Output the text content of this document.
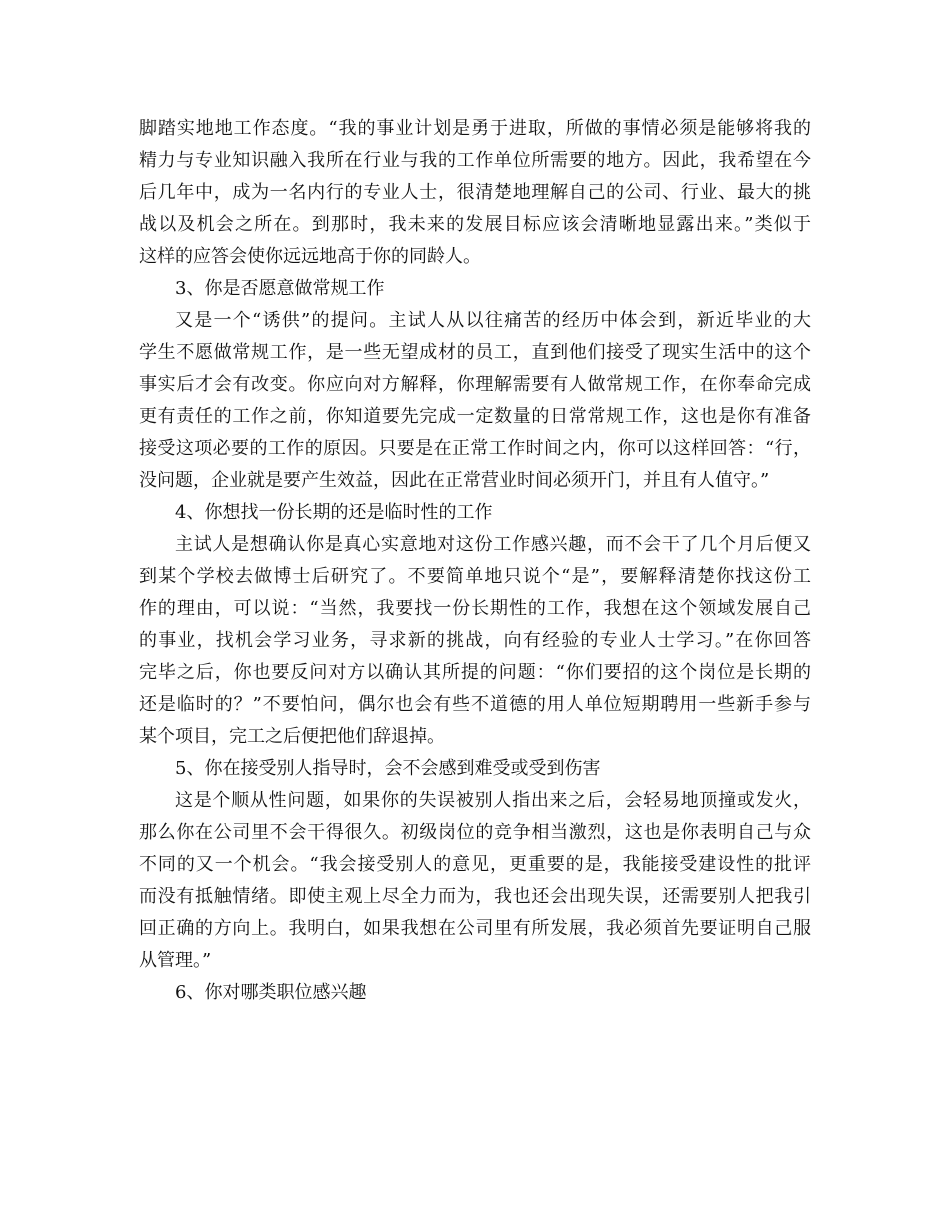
脚踏实地地工作态度。“我的事业计划是勇于进取，所做的事情必须是能够将我的
精力与专业知识融入我所在行业与我的工作单位所需要的地方。因此，我希望在今
后几年中，成为一名内行的专业人士，很清楚地理解自己的公司、行业、最大的挑
战以及机会之所在。到那时，我未来的发展目标应该会清晰地显露出来。”类似于
这样的应答会使你远远地高于你的同龄人。
3、你是否愿意做常规工作
又是一个“诱供”的提问。主试人从以往痛苦的经历中体会到，新近毕业的大
学生不愿做常规工作，是一些无望成材的员工，直到他们接受了现实生活中的这个
事实后才会有改变。你应向对方解释，你理解需要有人做常规工作，在你奉命完成
更有责任的工作之前，你知道要先完成一定数量的日常常规工作，这也是你有准备
接受这项必要的工作的原因。只要是在正常工作时间之内，你可以这样回答：“行，
没问题，企业就是要产生效益，因此在正常营业时间必须开门，并且有人值守。”
4、你想找一份长期的还是临时性的工作
主试人是想确认你是真心实意地对这份工作感兴趣，而不会干了几个月后便又
到某个学校去做博士后研究了。不要简单地只说个“是”，要解释清楚你找这份工
作的理由，可以说：“当然，我要找一份长期性的工作，我想在这个领域发展自己
的事业，找机会学习业务，寻求新的挑战，向有经验的专业人士学习。”在你回答
完毕之后，你也要反问对方以确认其所提的问题：“你们要招的这个岗位是长期的
还是临时的？”不要怕问，偶尔也会有些不道德的用人单位短期聘用一些新手参与
某个项目，完工之后便把他们辞退掉。
5、你在接受别人指导时，会不会感到难受或受到伤害
这是个顺从性问题，如果你的失误被别人指出来之后，会轻易地顶撞或发火，
那么你在公司里不会干得很久。初级岗位的竞争相当激烈，这也是你表明自己与众
不同的又一个机会。“我会接受别人的意见，更重要的是，我能接受建设性的批评
而没有抵触情绪。即使主观上尽全力而为，我也还会出现失误，还需要别人把我引
回正确的方向上。我明白，如果我想在公司里有所发展，我必须首先要证明自己服
从管理。”
6、你对哪类职位感兴趣
